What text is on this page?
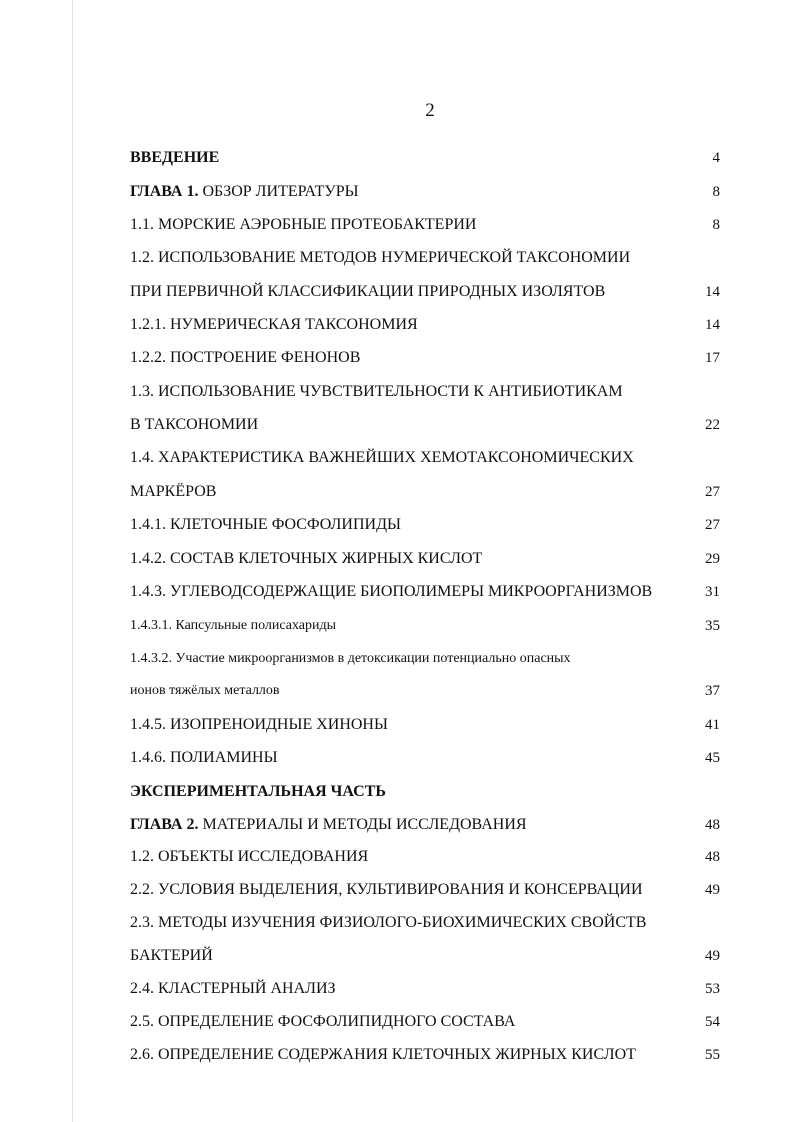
2
ВВЕДЕНИЕ	4
ГЛАВА 1. ОБЗОР ЛИТЕРАТУРЫ	8
1.1. МОРСКИЕ АЭРОБНЫЕ ПРОТЕОБАКТЕРИИ	8
1.2. ИСПОЛЬЗОВАНИЕ МЕТОДОВ НУМЕРИЧЕСКОЙ ТАКСОНОМИИ
ПРИ ПЕРВИЧНОЙ КЛАССИФИКАЦИИ ПРИРОДНЫХ ИЗОЛЯТОВ	14
1.2.1. НУМЕРИЧЕСКАЯ ТАКСОНОМИЯ	14
1.2.2. ПОСТРОЕНИЕ ФЕНОНОВ	17
1.3. ИСПОЛЬЗОВАНИЕ ЧУВСТВИТЕЛЬНОСТИ К АНТИБИОТИКАМ
В ТАКСОНОМИИ	22
1.4. ХАРАКТЕРИСТИКА ВАЖНЕЙШИХ ХЕМОТАКСОНОМИЧЕСКИХ
МАРКЁРОВ	27
1.4.1. КЛЕТОЧНЫЕ ФОСФОЛИПИДЫ	27
1.4.2. СОСТАВ КЛЕТОЧНЫХ ЖИРНЫХ КИСЛОТ	29
1.4.3. УГЛЕВОДСОДЕРЖАЩИЕ БИОПОЛИМЕРЫ МИКРООРГАНИЗМОВ	31
1.4.3.1. Капсульные полисахариды	35
1.4.3.2. Участие микроорганизмов в детоксикации потенциально опасных
ионов тяжёлых металлов	37
1.4.5. ИЗОПРЕНОИДНЫЕ ХИНОНЫ	41
1.4.6. ПОЛИАМИНЫ	45
ЭКСПЕРИМЕНТАЛЬНАЯ ЧАСТЬ
ГЛАВА 2. МАТЕРИАЛЫ И МЕТОДЫ ИССЛЕДОВАНИЯ	48
1.2. ОБЪЕКТЫ ИССЛЕДОВАНИЯ	48
2.2. УСЛОВИЯ ВЫДЕЛЕНИЯ, КУЛЬТИВИРОВАНИЯ И КОНСЕРВАЦИИ	49
2.3. МЕТОДЫ ИЗУЧЕНИЯ ФИЗИОЛОГО-БИОХИМИЧЕСКИХ СВОЙСТВ
БАКТЕРИЙ	49
2.4. КЛАСТЕРНЫЙ АНАЛИЗ	53
2.5. ОПРЕДЕЛЕНИЕ ФОСФОЛИПИДНОГО СОСТАВА	54
2.6. ОПРЕДЕЛЕНИЕ СОДЕРЖАНИЯ КЛЕТОЧНЫХ ЖИРНЫХ КИСЛОТ	55
